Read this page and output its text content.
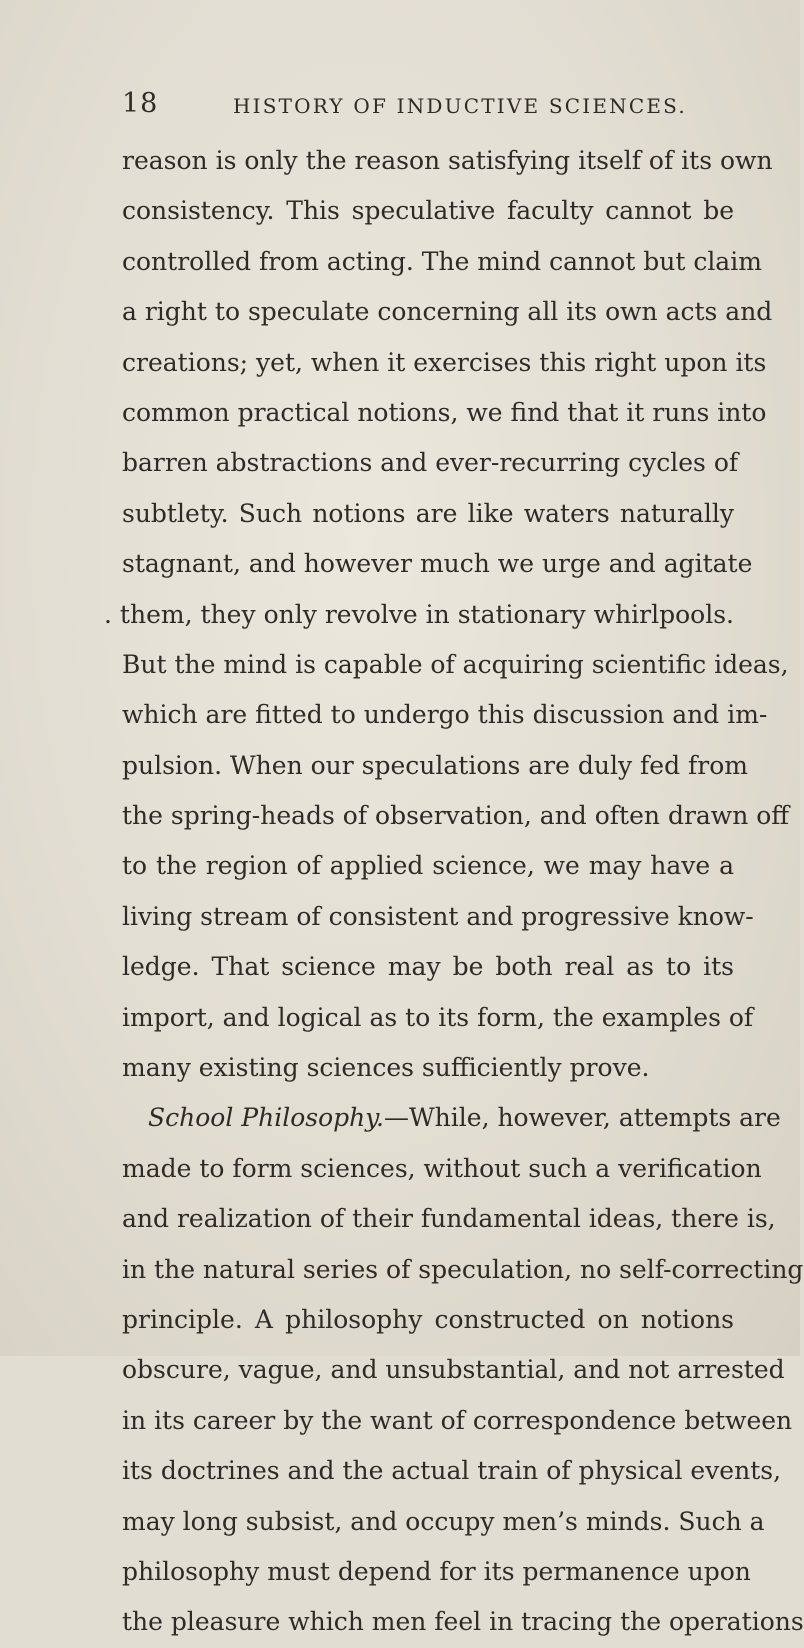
18	HISTORY OF INDUCTIVE SCIENCES.
reason is only the reason satisfying itself of its own
consistency. This speculative faculty cannot be
controlled from acting. The mind cannot but claim
a right to speculate concerning all its own acts and
creations; yet, when it exercises this right upon its
common practical notions, we find that it runs into
barren abstractions and ever-recurring cycles of
subtlety. Such notions are like waters naturally
stagnant, and however much we urge and agitate
. them, they only revolve in stationary whirlpools.
But the mind is capable of acquiring scientific ideas,
which are fitted to undergo this discussion and im-
pulsion. When our speculations are duly fed from
the spring-heads of observation, and often drawn off
to the region of applied science, we may have a
living stream of consistent and progressive know-
ledge. That science may be both real as to its
import, and logical as to its form, the examples of
many existing sciences sufficiently prove.
School Philosophy.—While, however, attempts are
made to form sciences, without such a verification
and realization of their fundamental ideas, there is,
in the natural series of speculation, no self-correcting
principle. A philosophy constructed on notions
obscure, vague, and unsubstantial, and not arrested
in its career by the want of correspondence between
its doctrines and the actual train of physical events,
may long subsist, and occupy men’s minds. Such a
philosophy must depend for its permanence upon
the pleasure which men feel in tracing the operations
